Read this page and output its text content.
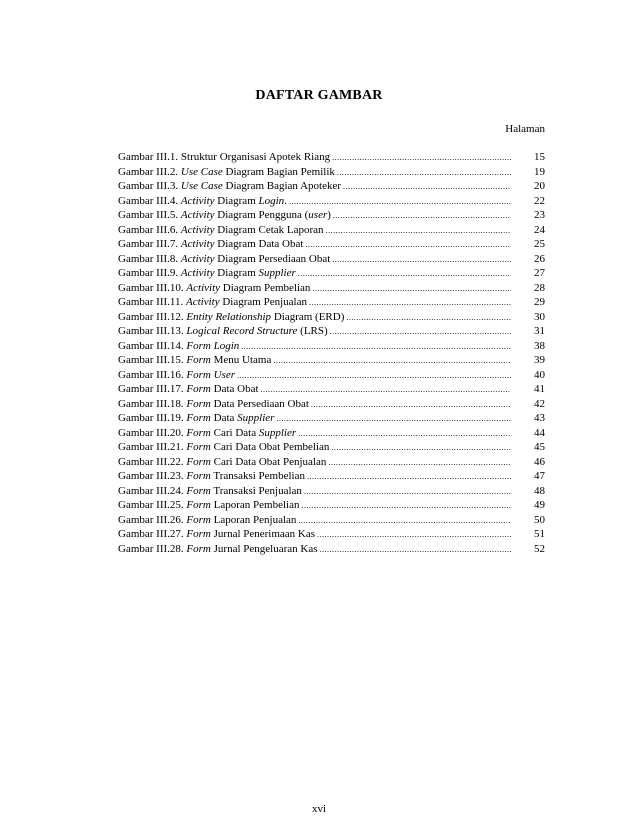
DAFTAR GAMBAR
Halaman
Gambar III.1. Struktur Organisasi Apotek Riang .....	15
Gambar III.2. Use Case Diagram Bagian Pemilik .....	19
Gambar III.3. Use Case Diagram Bagian Apoteker .....	20
Gambar III.4. Activity Diagram Login. .....	22
Gambar III.5. Activity Diagram Pengguna (user) .....	23
Gambar III.6. Activity Diagram Cetak Laporan .....	24
Gambar III.7. Activity Diagram Data Obat .....	25
Gambar III.8. Activity Diagram Persediaan Obat .....	26
Gambar III.9. Activity Diagram Supplier .....	27
Gambar III.10. Activity Diagram Pembelian .....	28
Gambar III.11. Activity Diagram Penjualan .....	29
Gambar III.12. Entity Relationship Diagram (ERD) .....	30
Gambar III.13. Logical Record Structure (LRS) .....	31
Gambar III.14. Form Login .....	38
Gambar III.15. Form Menu Utama .....	39
Gambar III.16. Form User .....	40
Gambar III.17. Form Data Obat .....	41
Gambar III.18. Form Data Persediaan Obat .....	42
Gambar III.19. Form Data Supplier .....	43
Gambar III.20. Form Cari Data Supplier .....	44
Gambar III.21. Form Cari Data Obat Pembelian .....	45
Gambar III.22. Form Cari Data Obat Penjualan .....	46
Gambar III.23. Form Transaksi Pembelian .....	47
Gambar III.24. Form Transaksi Penjualan .....	48
Gambar III.25. Form Laporan Pembelian .....	49
Gambar III.26. Form Laporan Penjualan .....	50
Gambar III.27. Form Jurnal Penerimaan Kas .....	51
Gambar III.28. Form Jurnal Pengeluaran Kas .....	52
xvi
